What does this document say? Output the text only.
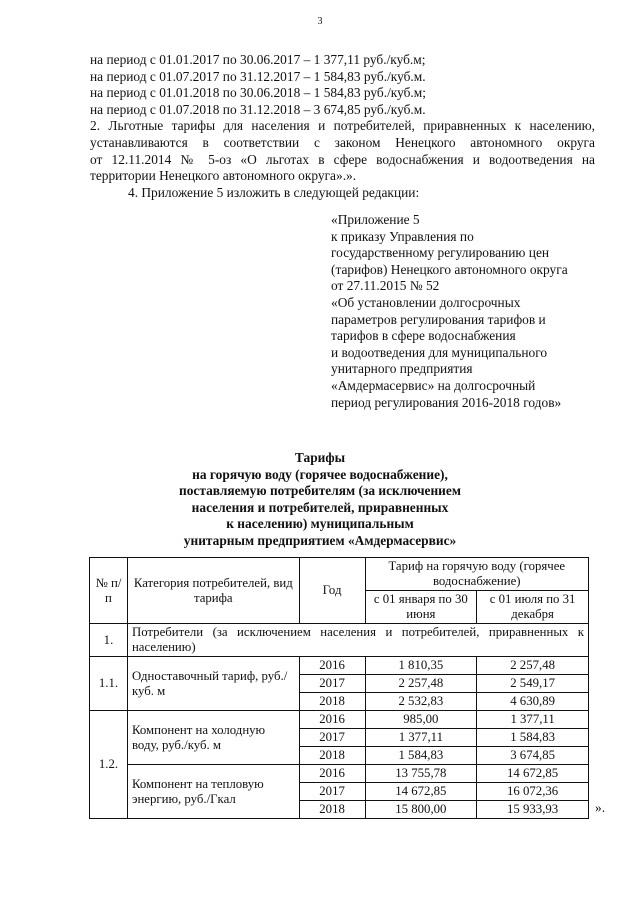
3

на период с 01.01.2017 по 30.06.2017 – 1 377,11 руб./куб.м;

на период с 01.07.2017 по 31.12.2017 – 1 584,83 руб./куб.м.

на период с 01.01.2018 по 30.06.2018 – 1 584,83 руб./куб.м;

на период с 01.07.2018 по 31.12.2018 – 3 674,85 руб./куб.м.

2. Льготные тарифы для населения и потребителей, приравненных к населению,

устанавливаются в соответствии с законом Ненецкого автономного округа

от 12.11.2014 № 5-оз «О льготах в сфере водоснабжения и водоотведения на

территории Ненецкого автономного округа».».

4. Приложение 5 изложить в следующей редакции:

«Приложение 5

к приказу Управления по

государственному регулированию цен

(тарифов) Ненецкого автономного округа

от 27.11.2015 № 52

«Об установлении долгосрочных

параметров регулирования тарифов и

тарифов в сфере водоснабжения

и водоотведения для муниципального

унитарного предприятия

«Амдермасервис» на долгосрочный

период регулирования 2016-2018 годов»

Тарифы

на горячую воду (горячее водоснабжение),

поставляемую потребителям (за исключением

населения и потребителей, приравненных

к населению) муниципальным

унитарным предприятием «Амдермасервис»

№ п/п	Категория потребителей, вид тарифа	Год	Тариф на горячую воду (горячее водоснабжение)	
			с 01 января по 30 июня	с 01 июля по 31 декабря
1.	Потребители (за исключением населения и потребителей, приравненных к населению)			
1.1.	Одноставочный тариф, руб./куб. м	2016	1 810,35	2 257,48
		2017	2 257,48	2 549,17
		2018	2 532,83	4 630,89
1.2.	Компонент на холодную воду, руб./куб. м	2016	985,00	1 377,11
		2017	1 377,11	1 584,83
		2018	1 584,83	3 674,85
	Компонент на тепловую энергию, руб./Гкал	2016	13 755,78	14 672,85
		2017	14 672,85	16 072,36
		2018	15 800,00	15 933,93	».
